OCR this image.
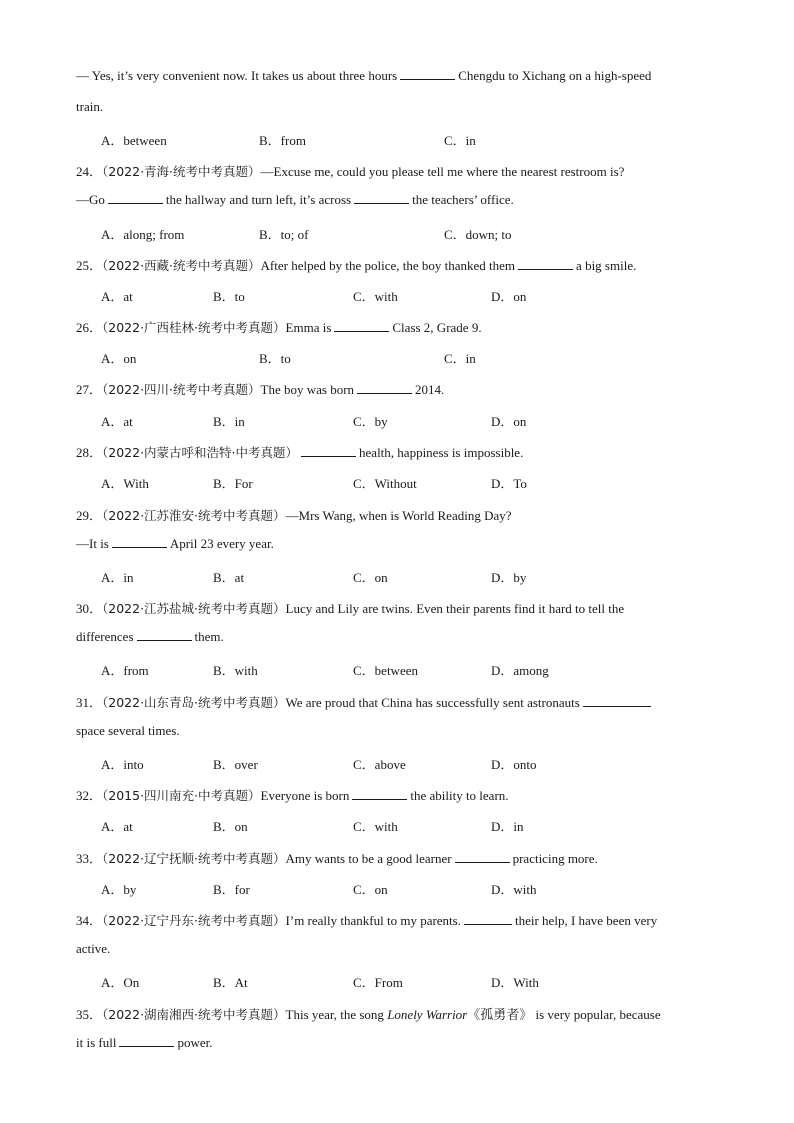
— Yes, it’s very convenient now. It takes us about three hours	Chengdu to Xichang on a high-speed
train.
A．between	B．from	C．in
24．（2022·青海·统考中考真题）—Excuse me, could you please tell me where the nearest restroom is?
—Go	the hallway and turn left, it’s across	the teachers’ office.
A．along; from	B．to; of	C．down; to
25．（2022·西藏·统考中考真题）After helped by the police, the boy thanked them	a big smile.
A．at	B．to	C．with	D．on
26．（2022·广西桂林·统考中考真题）Emma is	Class 2, Grade 9.
A．on	B．to	C．in
27．（2022·四川·统考中考真题）The boy was born	2014.
A．at	B．in	C．by	D．on
28．（2022·内蒙古呼和浩特·中考真题）	health, happiness is impossible.
A．With	B．For	C．Without	D．To
29．（2022·江苏淮安·统考中考真题）—Mrs Wang, when is World Reading Day?
—It is	April 23 every year.
A．in	B．at	C．on	D．by
30．（2022·江苏盐城·统考中考真题）Lucy and Lily are twins. Even their parents find it hard to tell the
differences	them.
A．from	B．with	C．between	D．among
31．（2022·山东青岛·统考中考真题）We are proud that China has successfully sent astronauts
space several times.
A．into	B．over	C．above	D．onto
32．（2015·四川南充·中考真题）Everyone is born	the ability to learn.
A．at	B．on	C．with	D．in
33．（2022·辽宁抚顺·统考中考真题）Amy wants to be a good learner	practicing more.
A．by	B．for	C．on	D．with
34．（2022·辽宁丹东·统考中考真题）I’m really thankful to my parents.	their help, I have been very
active.
A．On	B．At	C．From	D．With
35．（2022·湖南湘西·统考中考真题）This year, the song Lonely Warrior《孤勇者》 is very popular, because
it is full	power.
